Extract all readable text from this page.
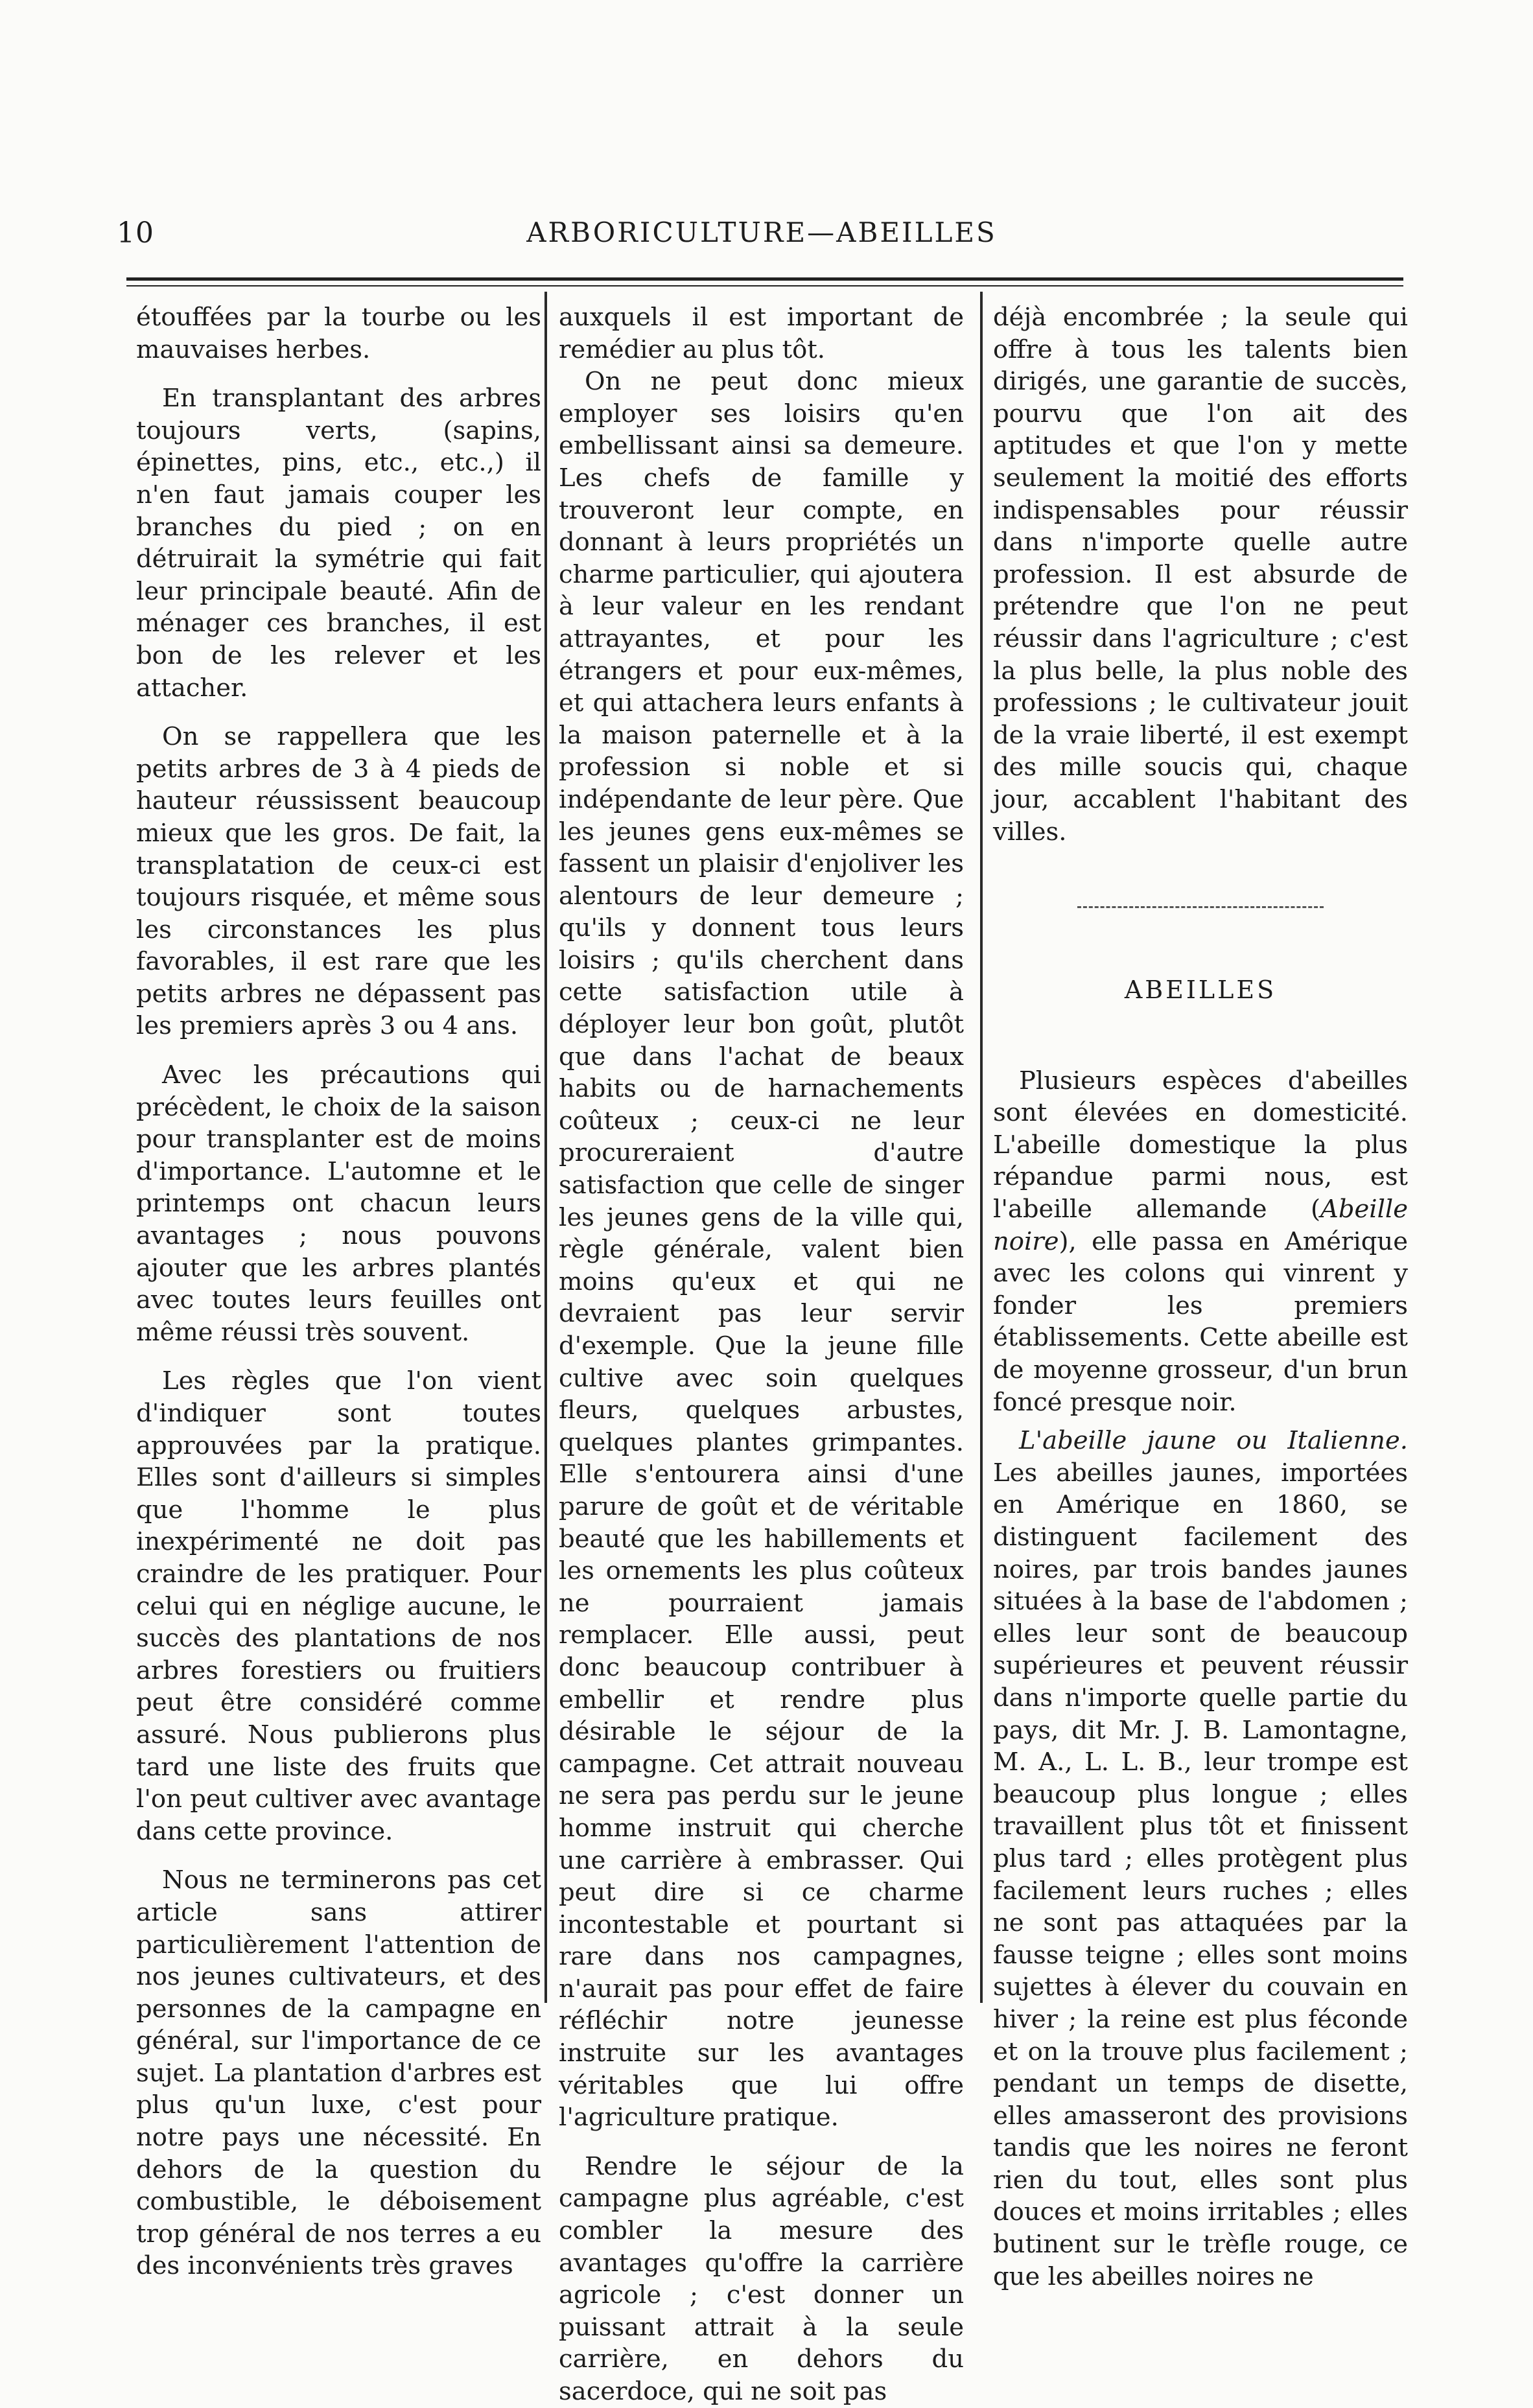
10	ARBORICULTURE—ABEILLES

étouffées par la tourbe ou les mauvaises herbes.

En transplantant des arbres toujours verts, (sapins, épinettes, pins, etc., etc.,) il n'en faut jamais couper les branches du pied ; on en détruirait la symétrie qui fait leur principale beauté. Afin de ménager ces branches, il est bon de les relever et les attacher.

On se rappellera que les petits arbres de 3 à 4 pieds de hauteur réussissent beaucoup mieux que les gros. De fait, la transplatation de ceux-ci est toujours risquée, et même sous les circonstances les plus favorables, il est rare que les petits arbres ne dépassent pas les premiers après 3 ou 4 ans.

Avec les précautions qui précèdent, le choix de la saison pour transplanter est de moins d'importance. L'automne et le printemps ont chacun leurs avantages ; nous pouvons ajouter que les arbres plantés avec toutes leurs feuilles ont même réussi très souvent.

Les règles que l'on vient d'indiquer sont toutes approuvées par la pratique. Elles sont d'ailleurs si simples que l'homme le plus inexpérimenté ne doit pas craindre de les pratiquer. Pour celui qui en néglige aucune, le succès des plantations de nos arbres forestiers ou fruitiers peut être considéré comme assuré. Nous publierons plus tard une liste des fruits que l'on peut cultiver avec avantage dans cette province.

Nous ne terminerons pas cet article sans attirer particulièrement l'attention de nos jeunes cultivateurs, et des personnes de la campagne en général, sur l'importance de ce sujet. La plantation d'arbres est plus qu'un luxe, c'est pour notre pays une nécessité. En dehors de la question du combustible, le déboisement trop général de nos terres a eu des inconvénients très graves

auxquels il est important de remédier au plus tôt.

On ne peut donc mieux employer ses loisirs qu'en embellissant ainsi sa demeure. Les chefs de famille y trouveront leur compte, en donnant à leurs propriétés un charme particulier, qui ajoutera à leur valeur en les rendant attrayantes, et pour les étrangers et pour eux-mêmes, et qui attachera leurs enfants à la maison paternelle et à la profession si noble et si indépendante de leur père. Que les jeunes gens eux-mêmes se fassent un plaisir d'enjoliver les alentours de leur demeure ; qu'ils y donnent tous leurs loisirs ; qu'ils cherchent dans cette satisfaction utile à déployer leur bon goût, plutôt que dans l'achat de beaux habits ou de harnachements coûteux ; ceux-ci ne leur procureraient d'autre satisfaction que celle de singer les jeunes gens de la ville qui, règle générale, valent bien moins qu'eux et qui ne devraient pas leur servir d'exemple. Que la jeune fille cultive avec soin quelques fleurs, quelques arbustes, quelques plantes grimpantes. Elle s'entourera ainsi d'une parure de goût et de véritable beauté que les habillements et les ornements les plus coûteux ne pourraient jamais remplacer. Elle aussi, peut donc beaucoup contribuer à embellir et rendre plus désirable le séjour de la campagne. Cet attrait nouveau ne sera pas perdu sur le jeune homme instruit qui cherche une carrière à embrasser. Qui peut dire si ce charme incontestable et pourtant si rare dans nos campagnes, n'aurait pas pour effet de faire réfléchir notre jeunesse instruite sur les avantages véritables que lui offre l'agriculture pratique.

Rendre le séjour de la campagne plus agréable, c'est combler la mesure des avantages qu'offre la carrière agricole ; c'est donner un puissant attrait à la seule carrière, en dehors du sacerdoce, qui ne soit pas

déjà encombrée ; la seule qui offre à tous les talents bien dirigés, une garantie de succès, pourvu que l'on ait des aptitudes et que l'on y mette seulement la moitié des efforts indispensables pour réussir dans n'importe quelle autre profession. Il est absurde de prétendre que l'on ne peut réussir dans l'agriculture ; c'est la plus belle, la plus noble des professions ; le cultivateur jouit de la vraie liberté, il est exempt des mille soucis qui, chaque jour, accablent l'habitant des villes.

ABEILLES

Plusieurs espèces d'abeilles sont élevées en domesticité. L'abeille domestique la plus répandue parmi nous, est l'abeille allemande (Abeille noire), elle passa en Amérique avec les colons qui vinrent y fonder les premiers établissements. Cette abeille est de moyenne grosseur, d'un brun foncé presque noir.

L'abeille jaune ou Italienne. Les abeilles jaunes, importées en Amérique en 1860, se distinguent facilement des noires, par trois bandes jaunes situées à la base de l'abdomen ; elles leur sont de beaucoup supérieures et peuvent réussir dans n'importe quelle partie du pays, dit Mr. J. B. Lamontagne, M. A., L. L. B., leur trompe est beaucoup plus longue ; elles travaillent plus tôt et finissent plus tard ; elles protègent plus facilement leurs ruches ; elles ne sont pas attaquées par la fausse teigne ; elles sont moins sujettes à élever du couvain en hiver ; la reine est plus féconde et on la trouve plus facilement ; pendant un temps de disette, elles amasseront des provisions tandis que les noires ne feront rien du tout, elles sont plus douces et moins irritables ; elles butinent sur le trèfle rouge, ce que les abeilles noires ne
